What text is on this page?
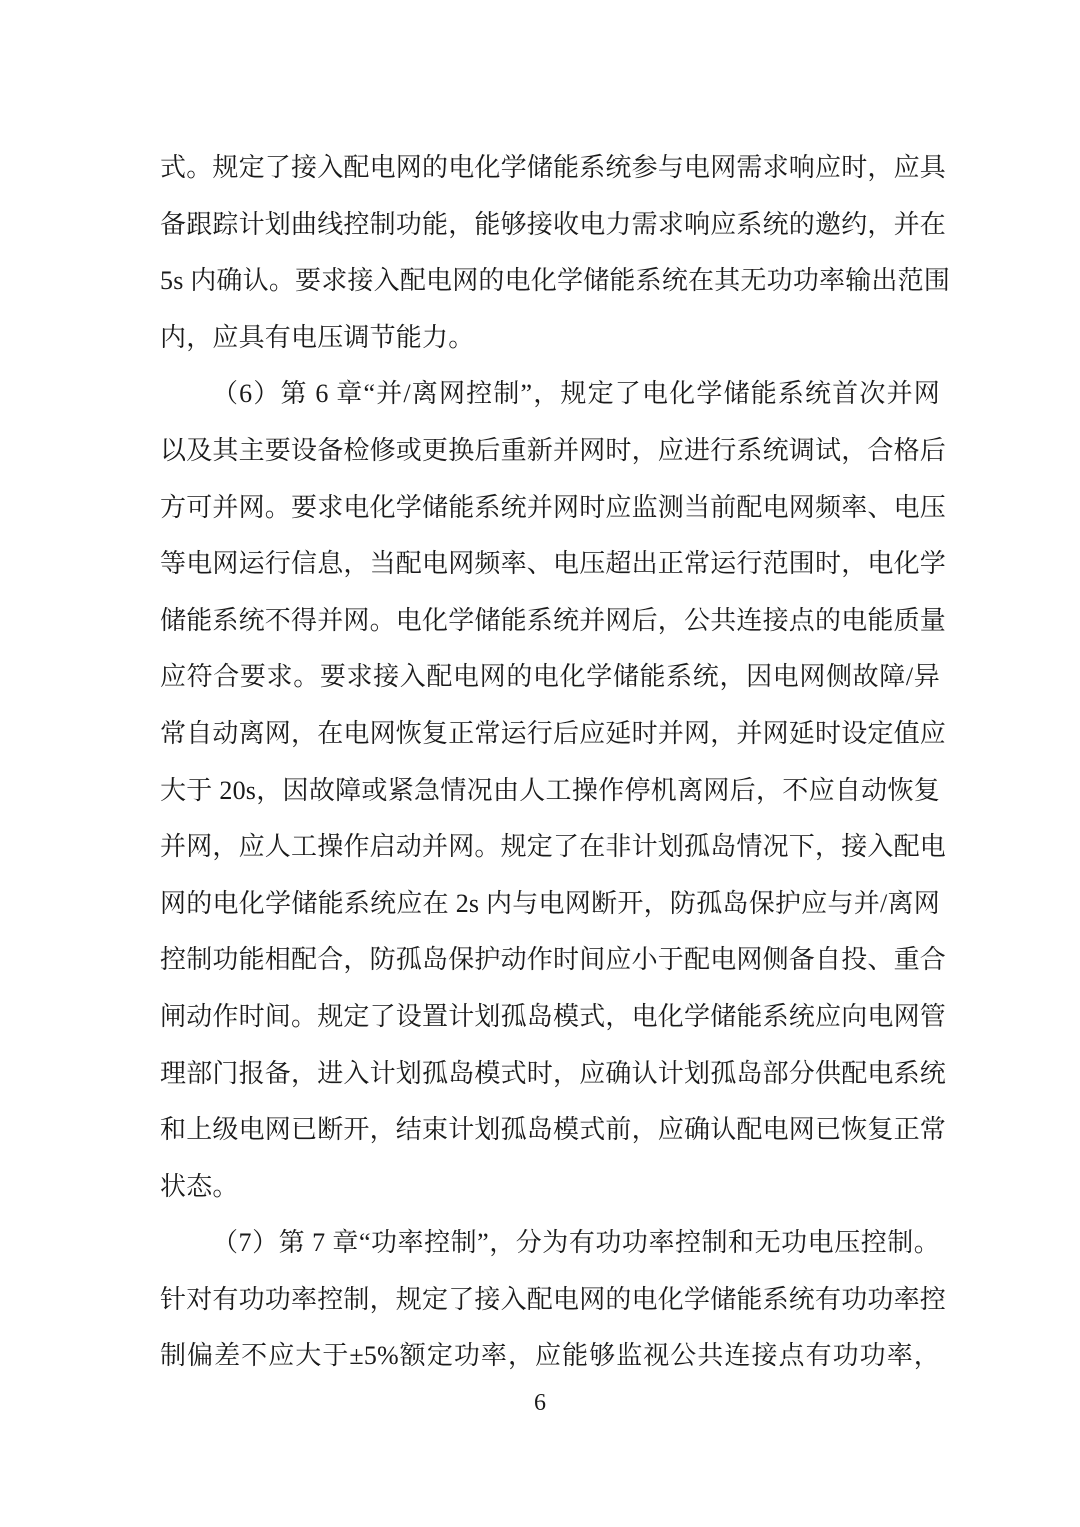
式。规定了接入配电网的电化学储能系统参与电网需求响应时，应具
备跟踪计划曲线控制功能，能够接收电力需求响应系统的邀约，并在
5s 内确认。要求接入配电网的电化学储能系统在其无功功率输出范围
内，应具有电压调节能力。
（6）第 6 章“并/离网控制”，规定了电化学储能系统首次并网
以及其主要设备检修或更换后重新并网时，应进行系统调试，合格后
方可并网。要求电化学储能系统并网时应监测当前配电网频率、电压
等电网运行信息，当配电网频率、电压超出正常运行范围时，电化学
储能系统不得并网。电化学储能系统并网后，公共连接点的电能质量
应符合要求。要求接入配电网的电化学储能系统，因电网侧故障/异
常自动离网，在电网恢复正常运行后应延时并网，并网延时设定值应
大于 20s，因故障或紧急情况由人工操作停机离网后，不应自动恢复
并网，应人工操作启动并网。规定了在非计划孤岛情况下，接入配电
网的电化学储能系统应在 2s 内与电网断开，防孤岛保护应与并/离网
控制功能相配合，防孤岛保护动作时间应小于配电网侧备自投、重合
闸动作时间。规定了设置计划孤岛模式，电化学储能系统应向电网管
理部门报备，进入计划孤岛模式时，应确认计划孤岛部分供配电系统
和上级电网已断开，结束计划孤岛模式前，应确认配电网已恢复正常
状态。
（7）第 7 章“功率控制”，分为有功功率控制和无功电压控制。
针对有功功率控制，规定了接入配电网的电化学储能系统有功功率控
制偏差不应大于±5%额定功率，应能够监视公共连接点有功功率，
6
